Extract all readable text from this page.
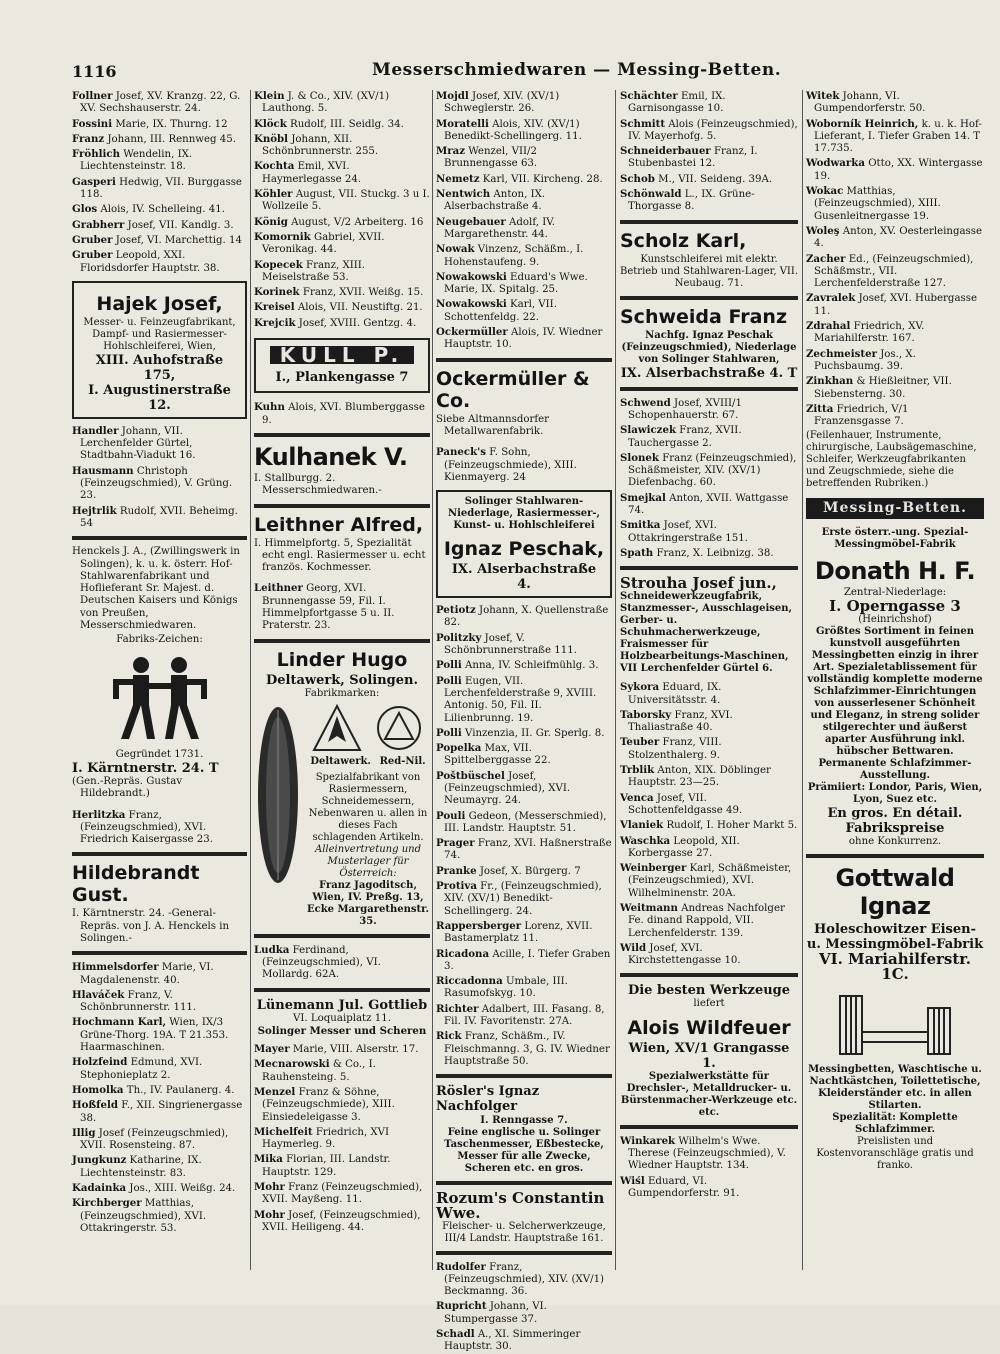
1116	Messerschmiedwaren — Messing-Betten.
Follner Josef, XV. Kranzg. 22, G. XV. Sechshauserstr. 24.
Fossini Marie, IX. Thurng. 12
Franz Johann, III. Rennweg 45.
Fröhlich Wendelin, IX. Liechtensteinstr. 18.
Gasperi Hedwig, VII. Burggasse 118.
Glos Alois, IV. Schelleing. 41.
Grabherr Josef, VII. Kandlg. 3.
Gruber Josef, VI. Marchettig. 14
Gruber Leopold, XXI. Floridsdorfer Hauptstr. 38.
Hajek Josef,
Messer- u. Feinzeugfabrikant,
Dampf- und Rasiermesser-
Hohlschleiferei, Wien,
XIII. Auhofstraße 175,
I. Augustinerstraße 12.
Handler Johann, VII. Lerchenfelder Gürtel, Stadtbahn-Viadukt 16.
Hausmann Christoph (Feinzeugschmied), V. Grüng. 23.
Hejtrlik Rudolf, XVII. Beheimg. 54
Henckels J. A., (Zwillingswerk in Solingen), k. u. k. österr. Hof-Stahlwarenfabrikant und Hoflieferant Sr. Majest. d. Deutschen Kaisers und Königs von Preußen, Messerschmiedwaren.
Fabriks-Zeichen:
Gegründet 1731.
I. Kärntnerstr. 24. T
(Gen.-Repräs. Gustav Hildebrandt.)
Herlitzka Franz, (Feinzeugschmied), XVI. Friedrich Kaisergasse 23.
Hildebrandt Gust.
I. Kärntnerstr. 24. -General-Repräs. von J. A. Henckels in Solingen.-
Himmelsdorfer Marie, VI. Magdalenenstr. 40.
Hlaváček Franz, V. Schönbrunnerstr. 111.
Hochmann Karl, Wien, IX/3 Grüne-Thorg. 19A. T 21.353. Haarmaschinen.
Holzfeind Edmund, XVI. Stephonieplatz 2.
Homolka Th., IV. Paulanerg. 4.
Hoßfeld F., XII. Singrienergasse 38.
Illig Josef (Feinzeugschmied), XVII. Rosensteing. 87.
Jungkunz Katharine, IX. Liechtensteinstr. 83.
Kadainka Jos., XIII. Weißg. 24.
Kirchberger Matthias, (Feinzeugschmied), XVI. Ottakringerstr. 53.
Klein J. & Co., XIV. (XV/1) Lauthong. 5.
Klöck Rudolf, III. Seidlg. 34.
Knöbl Johann, XII. Schönbrunnerstr. 255.
Kochta Emil, XVI. Haymerlegasse 24.
Köhler August, VII. Stuckg. 3 u I. Wollzeile 5.
König August, V/2 Arbeiterg. 16
Komornik Gabriel, XVII. Veronikag. 44.
Kopecek Franz, XIII. Meiselstraße 53.
Korinek Franz, XVII. Weißg. 15.
Kreisel Alois, VII. Neustiftg. 21.
Krejcik Josef, XVIII. Gentzg. 4.
KULL P.
I., Plankengasse 7
Kuhn Alois, XVI. Blumberggasse 9.
Kulhanek V.
I. Stallburgg. 2. Messerschmiedwaren.-
Leithner Alfred,
I. Himmelpfortg. 5, Spezialität echt engl. Rasiermesser u. echt französ. Kochmesser.
Leithner Georg, XVI. Brunnengasse 59, Fil. I. Himmelpfortgasse 5 u. II. Praterstr. 23.
Linder Hugo
Deltawerk, Solingen.
Fabrikmarken:
Deltawerk. Red-Nil.
Spezialfabrikant von Rasiermessern, Schneidemessern, Nebenwaren u. allen in dieses Fach schlagenden Artikeln.
Alleinvertretung und Musterlager für Österreich:
Franz Jagoditsch, Wien, IV. Preßg. 13, Ecke Margarethenstr. 35.
Ludka Ferdinand, (Feinzeugschmied), VI. Mollardg. 62A.
Lünemann Jul. Gottlieb
VI. Loquaiplatz 11.
Solinger Messer und Scheren
Mayer Marie, VIII. Alserstr. 17.
Mecnarowski & Co., I. Rauhensteing. 5.
Menzel Franz & Söhne, (Feinzeugschmiede), XIII. Einsiedeleigasse 3.
Michelfeit Friedrich, XVI Haymerleg. 9.
Mika Florian, III. Landstr. Hauptstr. 129.
Mohr Franz (Feinzeugschmied), XVII. Mayßeng. 11.
Mohr Josef, (Feinzeugschmied), XVII. Heiligeng. 44.
Mojdl Josef, XIV. (XV/1) Schweglerstr. 26.
Moratelli Alois, XIV. (XV/1) Benedikt-Schellingerg. 11.
Mraz Wenzel, VII/2 Brunnengasse 63.
Nemetz Karl, VII. Kircheng. 28.
Nentwich Anton, IX. Alserbachstraße 4.
Neugebauer Adolf, IV. Margarethenstr. 44.
Nowak Vinzenz, Schäßm., I. Hohenstaufeng. 9.
Nowakowski Eduard's Wwe. Marie, IX. Spitalg. 25.
Nowakowski Karl, VII. Schottenfeldg. 22.
Ockermüller Alois, IV. Wiedner Hauptstr. 10.
Ockermüller & Co.
Siebe Altmannsdorfer Metallwarenfabrik.
Paneck's F. Sohn, (Feinzeugschmiede), XIII. Kienmayerg. 24
Solinger Stahlwaren-Niederlage, Rasiermesser-, Kunst- u. Hohlschleiferei
Ignaz Peschak,
IX. Alserbachstraße 4.
Petiotz Johann, X. Quellenstraße 82.
Politzky Josef, V. Schönbrunnerstraße 111.
Polli Anna, IV. Schleifmühlg. 3.
Polli Eugen, VII. Lerchenfelderstraße 9, XVIII. Antonig. 50, Fil. II. Lilienbrunng. 19.
Polli Vinzenzia, II. Gr. Sperlg. 8.
Popelka Max, VII. Spittelberggasse 22.
Poštbüschel Josef, (Feinzeugschmied), XVI. Neumayrg. 24.
Pouli Gedeon, (Messerschmied), III. Landstr. Hauptstr. 51.
Prager Franz, XVI. Haßnerstraße 74.
Pranke Josef, X. Bürgerg. 7
Protiva Fr., (Feinzeugschmied), XIV. (XV/1) Benedikt-Schellingerg. 24.
Rappersberger Lorenz, XVII. Bastamerplatz 11.
Ricadona Acille, I. Tiefer Graben 3.
Riccadonna Umbale, III. Rasumofskyg. 10.
Richter Adalbert, III. Fasang. 8, Fil. IV. Favoritenstr. 27A.
Rick Franz, Schäßm., IV. Fleischmanng. 3, G. IV. Wiedner Hauptstraße 50.
Rösler's Ignaz Nachfolger
I. Renngasse 7.
Feine englische u. Solinger Taschenmesser, Eßbestecke, Messer für alle Zwecke, Scheren etc. en gros.
Rozum's Constantin Wwe.
Fleischer- u. Selcherwerkzeuge, III/4 Landstr. Hauptstraße 161.
Rudolfer Franz, (Feinzeugschmied), XIV. (XV/1) Beckmanng. 36.
Rupricht Johann, VI. Stumpergasse 37.
Schadl A., XI. Simmeringer Hauptstr. 30.
Schächter Emil, IX. Garnisongasse 10.
Schmitt Alois (Feinzeugschmied), IV. Mayerhofg. 5.
Schneiderbauer Franz, I. Stubenbastei 12.
Schob M., VII. Seideng. 39A.
Schönwald L., IX. Grüne-Thorgasse 8.
Scholz Karl,
Kunstschleiferei mit elektr. Betrieb und Stahlwaren-Lager, VII. Neubaug. 71.
Schweida Franz
Nachfg. Ignaz Peschak
(Feinzeugschmied), Niederlage von Solinger Stahlwaren,
IX. Alserbachstraße 4. T
Schwend Josef, XVIII/1 Schopenhauerstr. 67.
Slawiczek Franz, XVII. Tauchergasse 2.
Slonek Franz (Feinzeugschmied), Schäßmeister, XIV. (XV/1) Diefenbachg. 60.
Smejkal Anton, XVII. Wattgasse 74.
Smitka Josef, XVI. Ottakringerstraße 151.
Spath Franz, X. Leibnizg. 38.
Strouha Josef jun.,
Schneidewerkzeugfabrik, Stanzmesser-, Ausschlageisen, Gerber- u. Schuhmacherwerkzeuge, Fraismesser für Holzbearbeitungs-Maschinen, VII Lerchenfelder Gürtel 6.
Sykora Eduard, IX. Universitätsstr. 4.
Taborsky Franz, XVI. Thaliastraße 40.
Teuber Franz, VIII. Stolzenthalerg. 9.
Trblik Anton, XIX. Döblinger Hauptstr. 23—25.
Venca Josef, VII. Schottenfeldgasse 49.
Vlaniek Rudolf, I. Hoher Markt 5.
Waschka Leopold, XII. Korbergasse 27.
Weinberger Karl, Schäßmeister, (Feinzeugschmied), XVI. Wilhelminenstr. 20A.
Weitmann Andreas Nachfolger Fe. dinand Rappold, VII. Lerchenfelderstr. 139.
Wild Josef, XVI. Kirchstettengasse 10.
Die besten Werkzeuge
liefert
Alois Wildfeuer
Wien, XV/1 Grangasse 1.
Spezialwerkstätte für Drechsler-, Metalldrucker- u. Bürstenmacher-Werkzeuge etc. etc.
Winkarek Wilhelm's Wwe. Therese (Feinzeugschmied), V. Wiedner Hauptstr. 134.
Wiśl Eduard, VI. Gumpendorferstr. 91.
Witek Johann, VI. Gumpendorferstr. 50.
Woborník Heinrich, k. u. k. Hof-Lieferant, I. Tiefer Graben 14. T 17.735.
Wodwarka Otto, XX. Wintergasse 19.
Wokac Matthias, (Feinzeugschmied), XIII. Gusenleitnergasse 19.
Woleş Anton, XV. Oesterleingasse 4.
Zacher Ed., (Feinzeugschmied), Schäßmstr., VII. Lerchenfelderstraße 127.
Zavralek Josef, XVI. Hubergasse 11.
Zdrahal Friedrich, XV. Mariahilferstr. 167.
Zechmeister Jos., X. Puchsbaumg. 39.
Zinkhan & Hießleitner, VII. Siebensterng. 30.
Zitta Friedrich, V/1 Franzensgasse 7.
(Feilenhauer, Instrumente, chirurgische, Laubsägemaschine, Schleifer, Werkzeugfabrikanten und Zeugschmiede, siehe die betreffenden Rubriken.)
Messing-Betten.
Erste österr.-ung. Spezial-Messingmöbel-Fabrik
Donath H. F.
Zentral-Niederlage:
I. Operngasse 3
(Heinrichshof)
Größtes Sortiment in feinen kunstvoll ausgeführten Messingbetten einzig in ihrer Art. Spezialetablissement für vollständig komplette moderne Schlafzimmer-Einrichtungen von ausserlesener Schönheit und Eleganz, in streng solider stilgerechter und äußerst aparter Ausführung inkl. hübscher Bettwaren.
Permanente Schlafzimmer-Ausstellung.
Prämiiert: Londor, Paris, Wien, Lyon, Suez etc.
En gros. En détail. Fabrikspreise
ohne Konkurrenz.
Gottwald Ignaz
Holeschowitzer Eisen- u. Messingmöbel-Fabrik
VI. Mariahilferstr. 1C.
Messingbetten, Waschtische u. Nachtkästchen, Toilettetische, Kleiderständer etc. in allen Stilarten.
Spezialität: Komplette Schlafzimmer.
Preislisten und Kostenvoranschläge gratis und franko.
